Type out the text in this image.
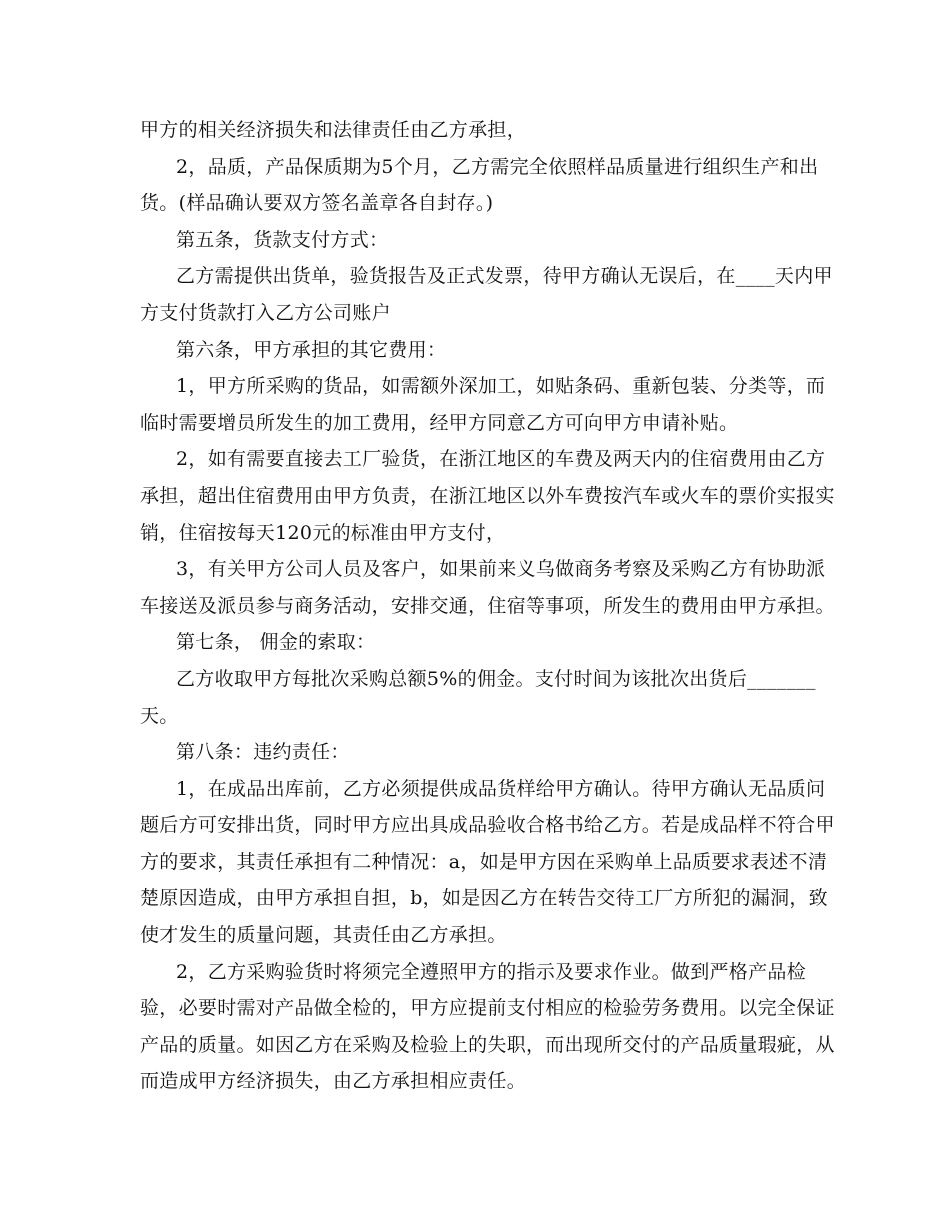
甲方的相关经济损失和法律责任由乙方承担，
2，品质，产品保质期为5个月，乙方需完全依照样品质量进行组织生产和出
货。(样品确认要双方签名盖章各自封存。)
第五条，货款支付方式：
乙方需提供出货单，验货报告及正式发票，待甲方确认无误后，在____天内甲
方支付货款打入乙方公司账户
第六条，甲方承担的其它费用：
1，甲方所采购的货品，如需额外深加工，如贴条码、重新包装、分类等，而
临时需要增员所发生的加工费用，经甲方同意乙方可向甲方申请补贴。
2，如有需要直接去工厂验货，在浙江地区的车费及两天内的住宿费用由乙方
承担，超出住宿费用由甲方负责，在浙江地区以外车费按汽车或火车的票价实报实
销，住宿按每天120元的标准由甲方支付，
3，有关甲方公司人员及客户，如果前来义乌做商务考察及采购乙方有协助派
车接送及派员参与商务活动，安排交通，住宿等事项，所发生的费用由甲方承担。
第七条， 佣金的索取：
乙方收取甲方每批次采购总额5%的佣金。支付时间为该批次出货后_______
天。
第八条：违约责任：
1，在成品出库前，乙方必须提供成品货样给甲方确认。待甲方确认无品质问
题后方可安排出货，同时甲方应出具成品验收合格书给乙方。若是成品样不符合甲
方的要求，其责任承担有二种情况：a，如是甲方因在采购单上品质要求表述不清
楚原因造成，由甲方承担自担，b，如是因乙方在转告交待工厂方所犯的漏洞，致
使才发生的质量问题，其责任由乙方承担。
2，乙方采购验货时将须完全遵照甲方的指示及要求作业。做到严格产品检
验，必要时需对产品做全检的，甲方应提前支付相应的检验劳务费用。以完全保证
产品的质量。如因乙方在采购及检验上的失职，而出现所交付的产品质量瑕疵，从
而造成甲方经济损失，由乙方承担相应责任。
